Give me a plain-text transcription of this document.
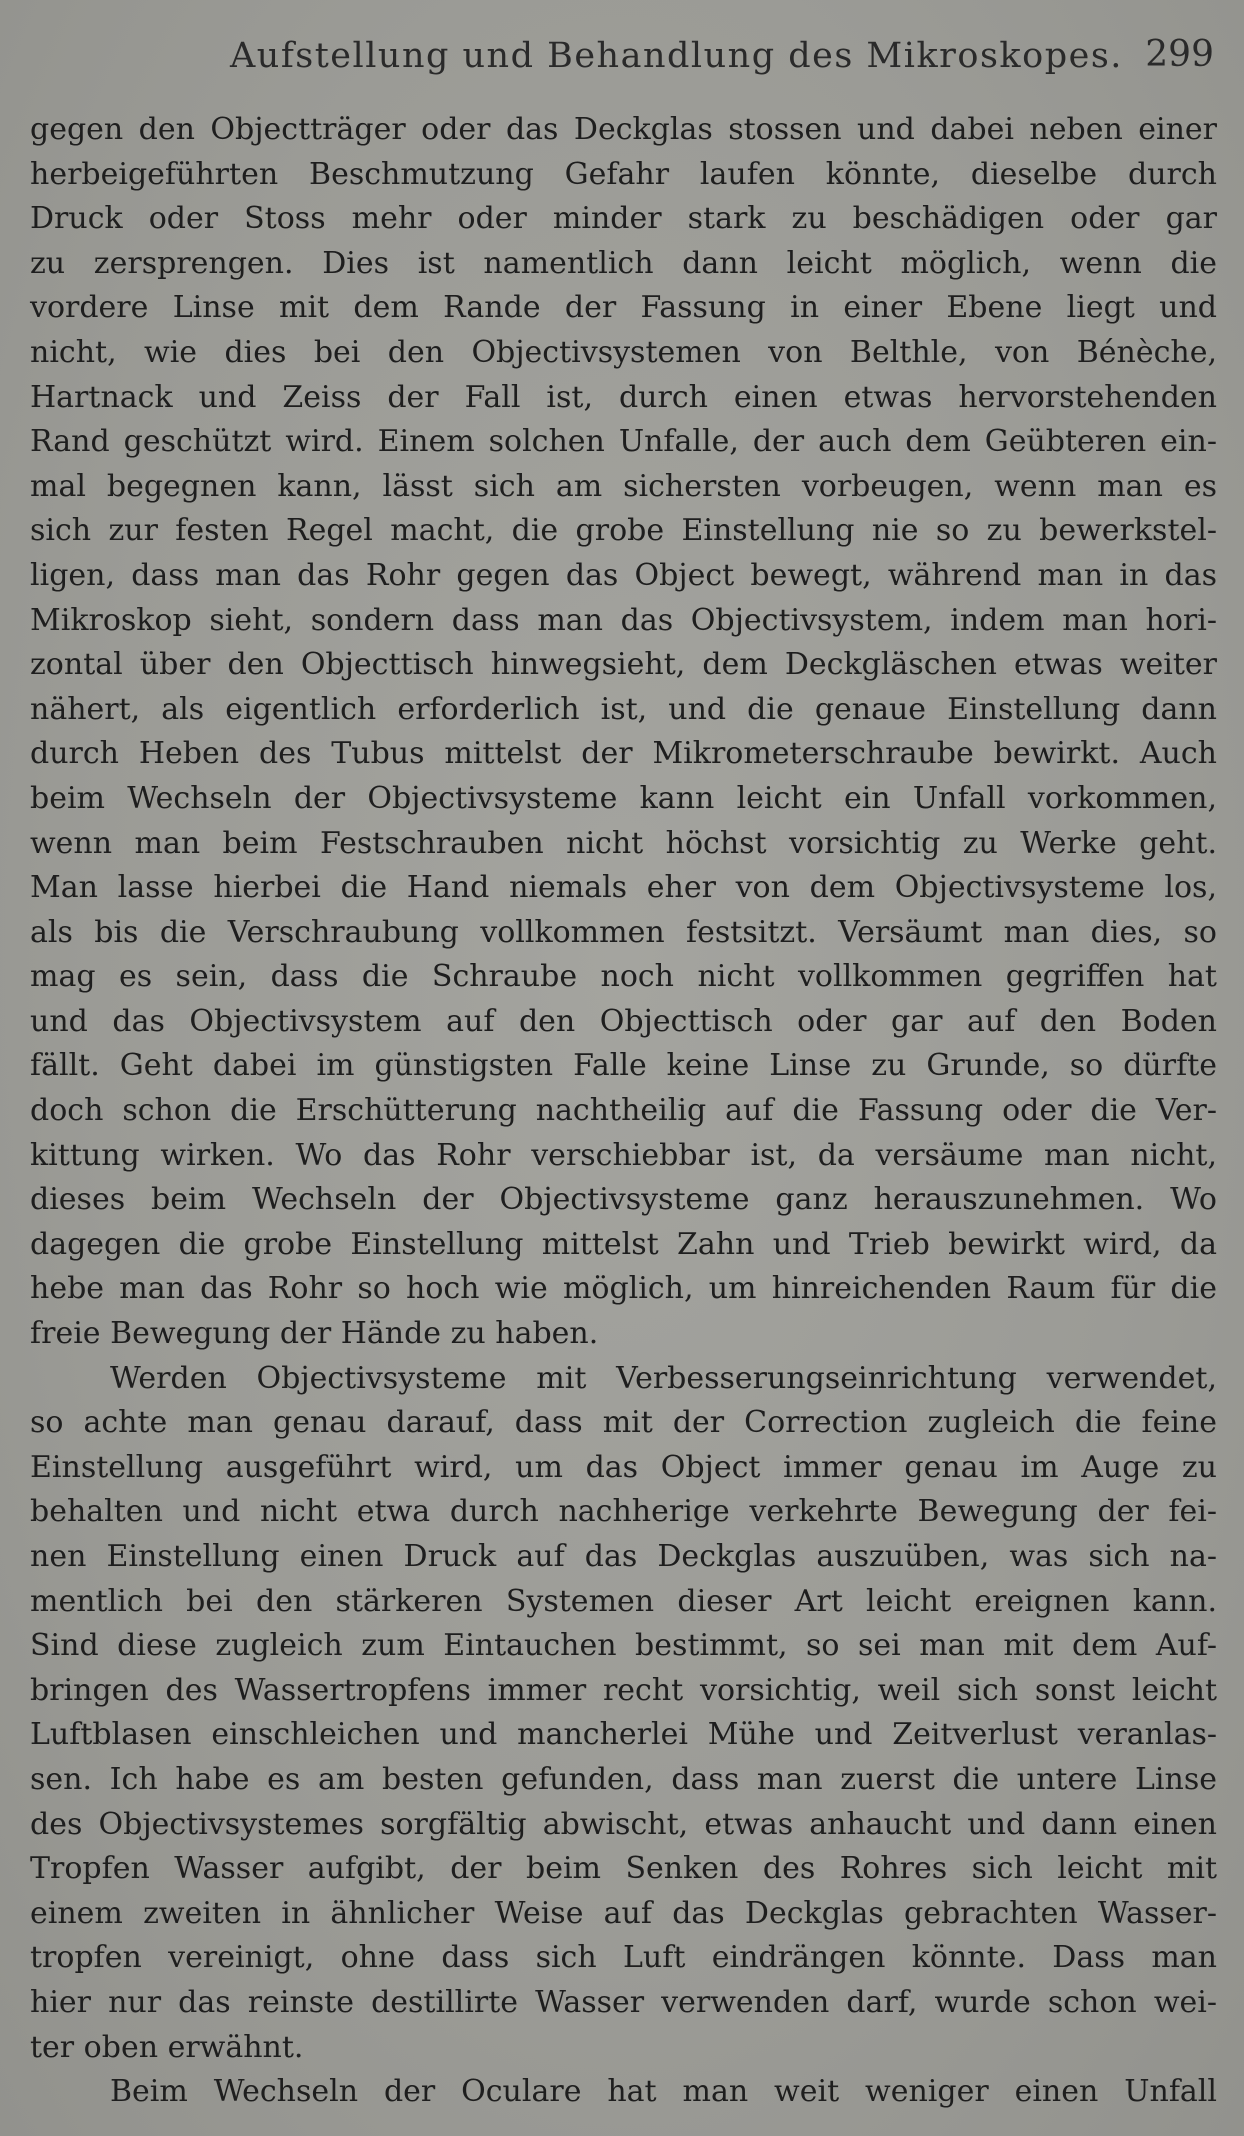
Aufstellung und Behandlung des Mikroskopes. 299
gegen den Objectträger oder das Deckglas stossen und dabei neben einer
herbeigeführten Beschmutzung Gefahr laufen könnte, dieselbe durch
Druck oder Stoss mehr oder minder stark zu beschädigen oder gar
zu zersprengen. Dies ist namentlich dann leicht möglich, wenn die
vordere Linse mit dem Rande der Fassung in einer Ebene liegt und
nicht, wie dies bei den Objectivsystemen von Belthle, von Bénèche,
Hartnack und Zeiss der Fall ist, durch einen etwas hervorstehenden
Rand geschützt wird. Einem solchen Unfalle, der auch dem Geübteren ein-
mal begegnen kann, lässt sich am sichersten vorbeugen, wenn man es
sich zur festen Regel macht, die grobe Einstellung nie so zu bewerkstel-
ligen, dass man das Rohr gegen das Object bewegt, während man in das
Mikroskop sieht, sondern dass man das Objectivsystem, indem man hori-
zontal über den Objecttisch hinwegsieht, dem Deckgläschen etwas weiter
nähert, als eigentlich erforderlich ist, und die genaue Einstellung dann
durch Heben des Tubus mittelst der Mikrometerschraube bewirkt. Auch
beim Wechseln der Objectivsysteme kann leicht ein Unfall vorkommen,
wenn man beim Festschrauben nicht höchst vorsichtig zu Werke geht.
Man lasse hierbei die Hand niemals eher von dem Objectivsysteme los,
als bis die Verschraubung vollkommen festsitzt. Versäumt man dies, so
mag es sein, dass die Schraube noch nicht vollkommen gegriffen hat
und das Objectivsystem auf den Objecttisch oder gar auf den Boden
fällt. Geht dabei im günstigsten Falle keine Linse zu Grunde, so dürfte
doch schon die Erschütterung nachtheilig auf die Fassung oder die Ver-
kittung wirken. Wo das Rohr verschiebbar ist, da versäume man nicht,
dieses beim Wechseln der Objectivsysteme ganz herauszunehmen. Wo
dagegen die grobe Einstellung mittelst Zahn und Trieb bewirkt wird, da
hebe man das Rohr so hoch wie möglich, um hinreichenden Raum für die
freie Bewegung der Hände zu haben.
Werden Objectivsysteme mit Verbesserungseinrichtung verwendet,
so achte man genau darauf, dass mit der Correction zugleich die feine
Einstellung ausgeführt wird, um das Object immer genau im Auge zu
behalten und nicht etwa durch nachherige verkehrte Bewegung der fei-
nen Einstellung einen Druck auf das Deckglas auszuüben, was sich na-
mentlich bei den stärkeren Systemen dieser Art leicht ereignen kann.
Sind diese zugleich zum Eintauchen bestimmt, so sei man mit dem Auf-
bringen des Wassertropfens immer recht vorsichtig, weil sich sonst leicht
Luftblasen einschleichen und mancherlei Mühe und Zeitverlust veranlas-
sen. Ich habe es am besten gefunden, dass man zuerst die untere Linse
des Objectivsystemes sorgfältig abwischt, etwas anhaucht und dann einen
Tropfen Wasser aufgibt, der beim Senken des Rohres sich leicht mit
einem zweiten in ähnlicher Weise auf das Deckglas gebrachten Wasser-
tropfen vereinigt, ohne dass sich Luft eindrängen könnte. Dass man
hier nur das reinste destillirte Wasser verwenden darf, wurde schon wei-
ter oben erwähnt.
Beim Wechseln der Oculare hat man weit weniger einen Unfall
